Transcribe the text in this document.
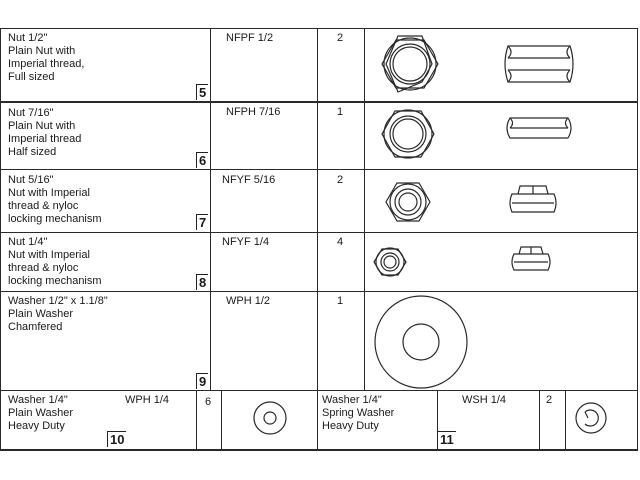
Nut 1/2"
Plain Nut with
Imperial thread,
Full sized
NFPF 1/2	2
5
Nut 7/16"
Plain Nut with
Imperial thread
Half sized
NFPH 7/16	1
6
Nut 5/16"
Nut with Imperial
thread & nyloc
locking mechanism
NFYF 5/16	2
7
Nut 1/4"
Nut with Imperial
thread & nyloc
locking mechanism
NFYF 1/4	4
8
Washer 1/2" x 1.1/8"
Plain Washer
Chamfered
WPH 1/2	1
9
Washer 1/4"
Plain Washer
Heavy Duty
WPH 1/4	6
10
Washer 1/4"
Spring Washer
Heavy Duty
WSH 1/4	2
11
